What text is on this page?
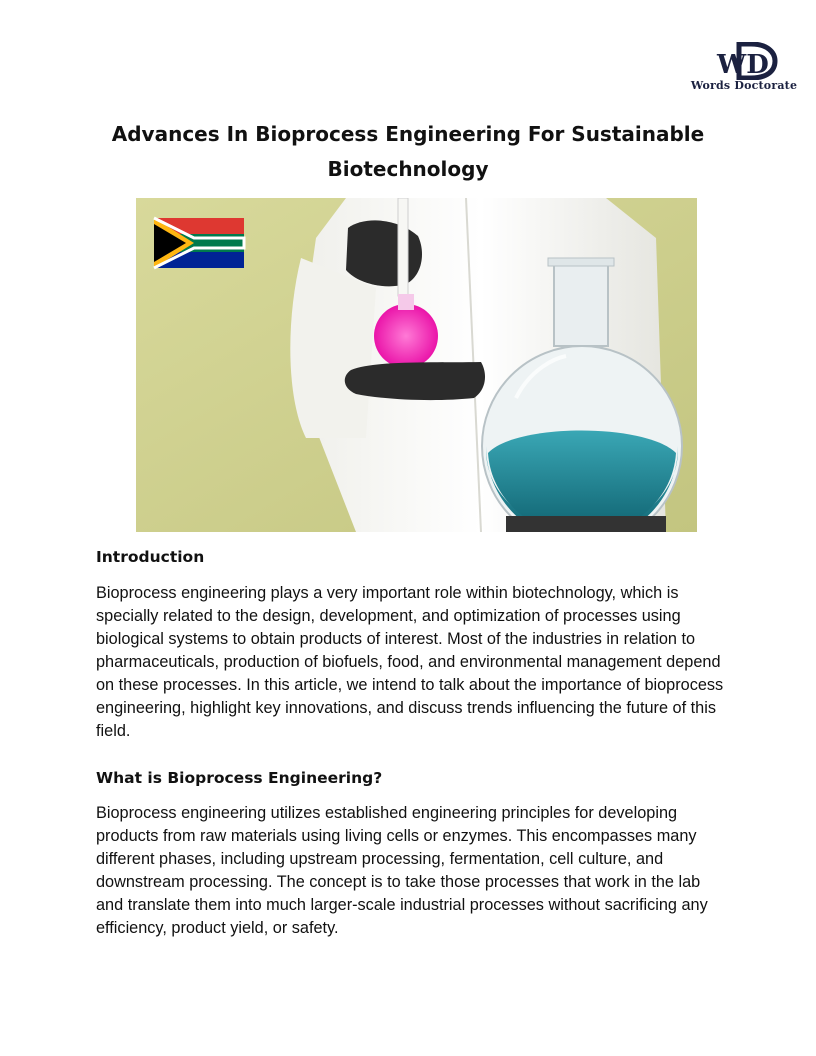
WD
Words Doctorate
Advances In Bioprocess Engineering For Sustainable
Biotechnology
Introduction
Bioprocess engineering plays a very important role within biotechnology, which is specially related to the design, development, and optimization of processes using biological systems to obtain products of interest. Most of the industries in relation to pharmaceuticals, production of biofuels, food, and environmental management depend on these processes. In this article, we intend to talk about the importance of bioprocess engineering, highlight key innovations, and discuss trends influencing the future of this field.
What is Bioprocess Engineering?
Bioprocess engineering utilizes established engineering principles for developing products from raw materials using living cells or enzymes. This encompasses many different phases, including upstream processing, fermentation, cell culture, and downstream processing. The concept is to take those processes that work in the lab and translate them into much larger-scale industrial processes without sacrificing any efficiency, product yield, or safety.
